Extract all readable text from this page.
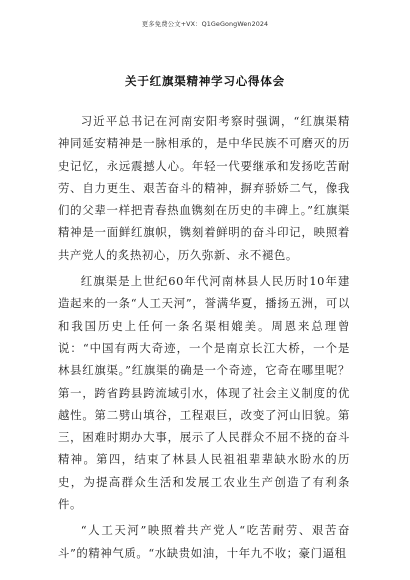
更多免费公文+VX：Q1GeGongWen2024
关于红旗渠精神学习心得体会

习近平总书记在河南安阳考察时强调，“红旗渠精神同延安精神是一脉相承的，是中华民族不可磨灭的历史记忆，永远震撼人心。年轻一代要继承和发扬吃苦耐劳、自力更生、艰苦奋斗的精神，摒弃骄娇二气，像我们的父辈一样把青春热血镌刻在历史的丰碑上。”红旗渠精神是一面鲜红旗帜，镌刻着鲜明的奋斗印记，映照着共产党人的炙热初心，历久弥新、永不褪色。

红旗渠是上世纪60年代河南林县人民历时10年建造起来的一条“人工天河”，誉满华夏，播扬五洲，可以和我国历史上任何一条名渠相媲美。周恩来总理曾说：“中国有两大奇迹，一个是南京长江大桥，一个是林县红旗渠。”红旗渠的确是一个奇迹，它奇在哪里呢？第一，跨省跨县跨流域引水，体现了社会主义制度的优越性。第二劈山填谷，工程艰巨，改变了河山旧貌。第三，困难时期办大事，展示了人民群众不屈不挠的奋斗精神。第四，结束了林县人民祖祖辈辈缺水盼水的历史，为提高群众生活和发展工农业生产创造了有利条件。

“人工天河”映照着共产党人“吃苦耐劳、艰苦奋斗”的精神气质。“水缺贵如油，十年九不收；豪门逼租
